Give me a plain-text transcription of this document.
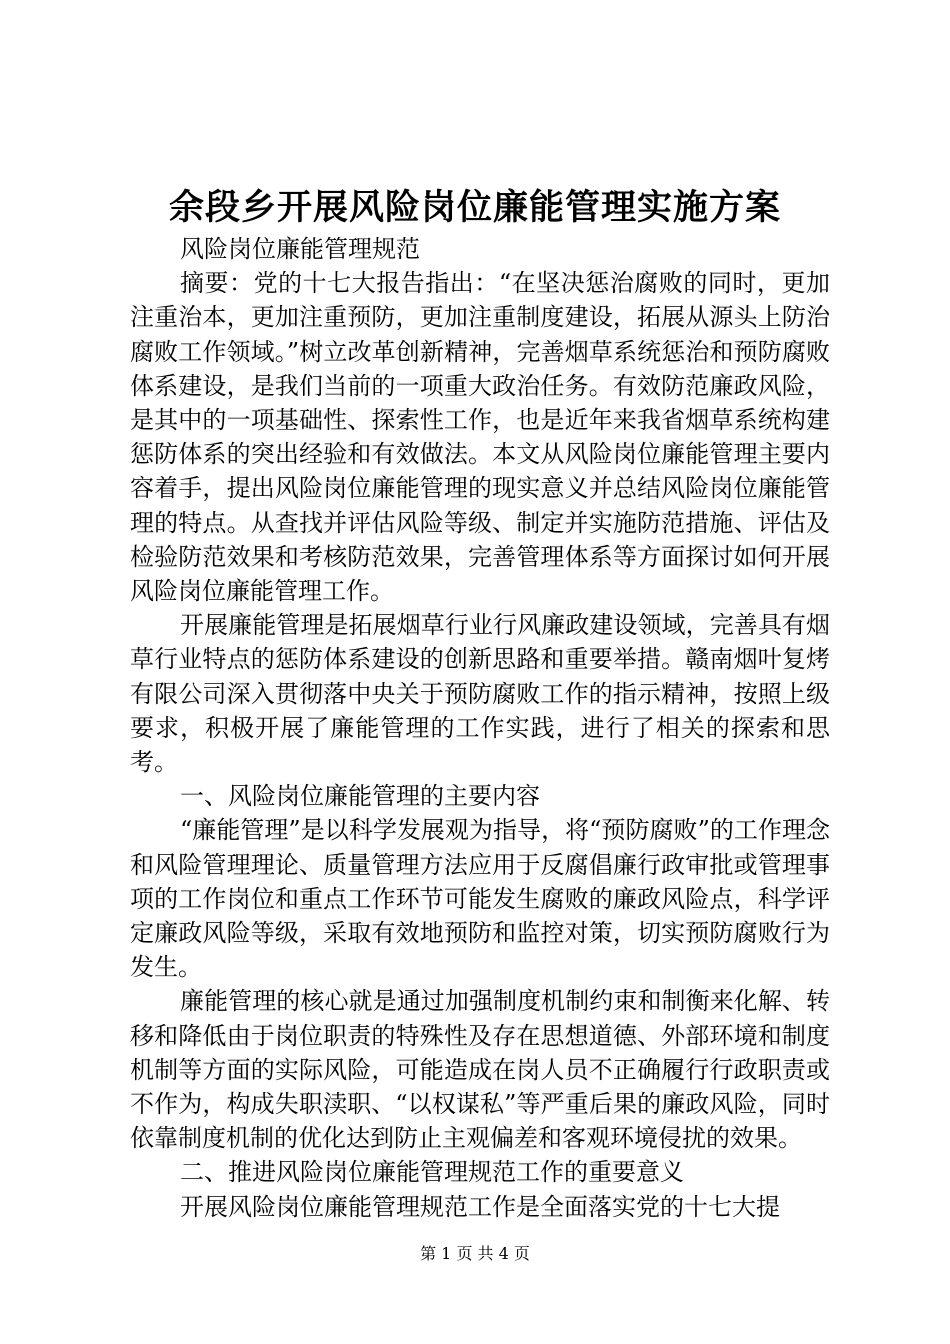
余段乡开展风险岗位廉能管理实施方案

风险岗位廉能管理规范

摘要：党的十七大报告指出：“在坚决惩治腐败的同时，更加注重治本，更加注重预防，更加注重制度建设，拓展从源头上防治腐败工作领域。”树立改革创新精神，完善烟草系统惩治和预防腐败体系建设，是我们当前的一项重大政治任务。有效防范廉政风险，是其中的一项基础性、探索性工作，也是近年来我省烟草系统构建惩防体系的突出经验和有效做法。本文从风险岗位廉能管理主要内容着手，提出风险岗位廉能管理的现实意义并总结风险岗位廉能管理的特点。从查找并评估风险等级、制定并实施防范措施、评估及检验防范效果和考核防范效果，完善管理体系等方面探讨如何开展风险岗位廉能管理工作。

开展廉能管理是拓展烟草行业行风廉政建设领域，完善具有烟草行业特点的惩防体系建设的创新思路和重要举措。赣南烟叶复烤有限公司深入贯彻落中央关于预防腐败工作的指示精神，按照上级要求，积极开展了廉能管理的工作实践，进行了相关的探索和思考。

一、风险岗位廉能管理的主要内容

“廉能管理”是以科学发展观为指导，将“预防腐败”的工作理念和风险管理理论、质量管理方法应用于反腐倡廉行政审批或管理事项的工作岗位和重点工作环节可能发生腐败的廉政风险点，科学评定廉政风险等级，采取有效地预防和监控对策，切实预防腐败行为发生。

廉能管理的核心就是通过加强制度机制约束和制衡来化解、转移和降低由于岗位职责的特殊性及存在思想道德、外部环境和制度机制等方面的实际风险，可能造成在岗人员不正确履行行政职责或不作为，构成失职渎职、“以权谋私”等严重后果的廉政风险，同时依靠制度机制的优化达到防止主观偏差和客观环境侵扰的效果。

二、推进风险岗位廉能管理规范工作的重要意义

开展风险岗位廉能管理规范工作是全面落实党的十七大提

第 1 页 共 4 页
